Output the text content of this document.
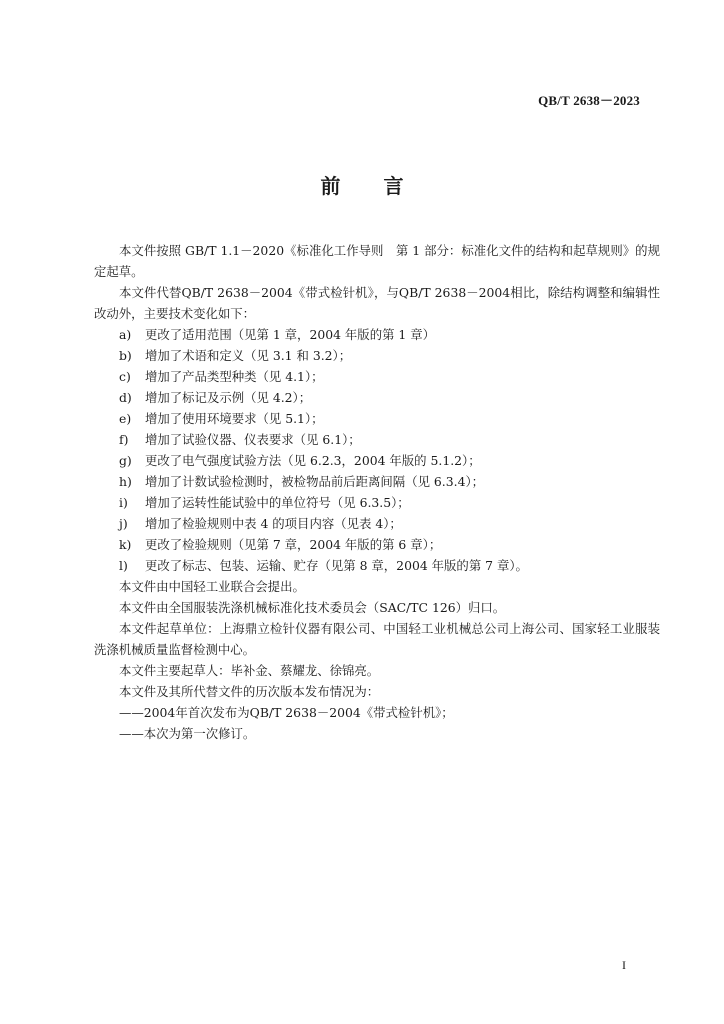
QB/T 2638－2023
前 言

本文件按照 GB/T 1.1－2020《标准化工作导则　第 1 部分：标准化文件的结构和起草规则》的规定起草。

本文件代替QB/T 2638－2004《带式检针机》，与QB/T 2638－2004相比，除结构调整和编辑性改动外，主要技术变化如下：

a) 更改了适用范围（见第 1 章，2004 年版的第 1 章）
b) 增加了术语和定义（见 3.1 和 3.2）；
c) 增加了产品类型种类（见 4.1）；
d) 增加了标记及示例（见 4.2）；
e) 增加了使用环境要求（见 5.1）；
f) 增加了试验仪器、仪表要求（见 6.1）；
g) 更改了电气强度试验方法（见 6.2.3，2004 年版的 5.1.2）；
h) 增加了计数试验检测时，被检物品前后距离间隔（见 6.3.4）；
i) 增加了运转性能试验中的单位符号（见 6.3.5）；
j) 增加了检验规则中表 4 的项目内容（见表 4）；
k) 更改了检验规则（见第 7 章，2004 年版的第 6 章）；
l) 更改了标志、包装、运输、贮存（见第 8 章，2004 年版的第 7 章）。

本文件由中国轻工业联合会提出。

本文件由全国服装洗涤机械标准化技术委员会（SAC/TC 126）归口。

本文件起草单位：上海鼎立检针仪器有限公司、中国轻工业机械总公司上海公司、国家轻工业服装洗涤机械质量监督检测中心。

本文件主要起草人：毕补金、蔡耀龙、徐锦亮。

本文件及其所代替文件的历次版本发布情况为：

——2004年首次发布为QB/T 2638－2004《带式检针机》；

——本次为第一次修订。

I
